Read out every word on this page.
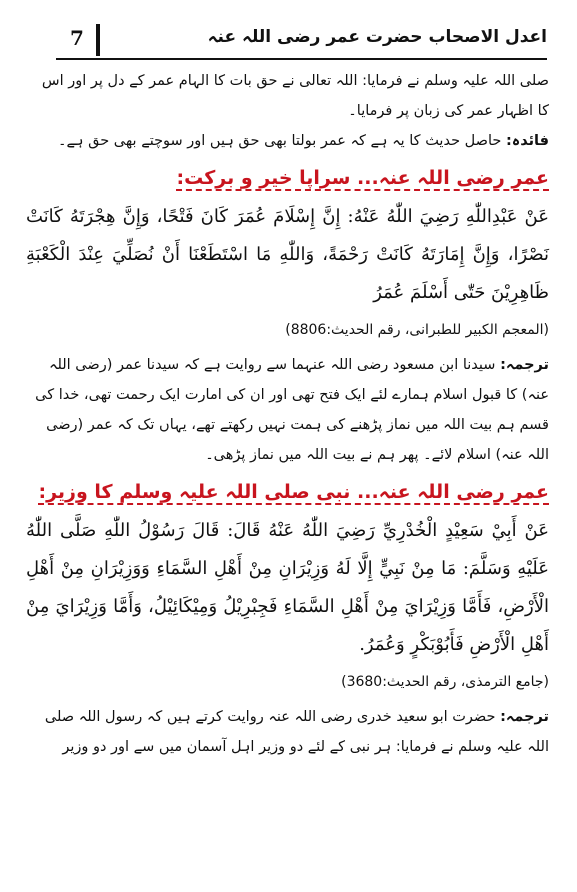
اعدل الاصحاب حضرت عمر رضی اللہ عنہ
7

صلی اللہ علیہ وسلم نے فرمایا: اللہ تعالی نے حق بات کا الہام عمر کے دل پر اور اس کا اظہار عمر کی زبان پر فرمایا۔

فائدہ: حاصل حدیث کا یہ ہے کہ عمر بولتا بھی حق ہیں اور سوچتے بھی حق ہے۔
عمر رضی اللہ عنہ... سراپا خیر و برکت:

عَنْ عَبْدِاللّٰهِ رَضِيَ اللّٰهُ عَنْهُ: إِنَّ إِسْلَامَ عُمَرَ كَانَ فَتْحًا، وَإِنَّ هِجْرَتَهُ كَانَتْ نَصْرًا، وَإِنَّ إِمَارَتَهُ كَانَتْ رَحْمَةً، وَاللّٰهِ مَا اسْتَطَعْنَا أَنْ نُصَلِّيَ عِنْدَ الْكَعْبَةِ ظَاهِرِيْنَ حَتّٰى أَسْلَمَ عُمَرُ

(المعجم الکبیر للطبرانی، رقم الحدیث:8806)
ترجمہ: سیدنا ابن مسعود رضی اللہ عنہما سے روایت ہے کہ سیدنا عمر (رضی اللہ عنہ) کا قبول اسلام ہمارے لئے ایک فتح تھی اور ان کی امارت ایک رحمت تھی، خدا کی قسم ہم بیت اللہ میں نماز پڑھنے کی ہمت نہیں رکھتے تھے، یہاں تک کہ عمر (رضی اللہ عنہ) اسلام لائے۔ پھر ہم نے بیت اللہ میں نماز پڑھی۔
عمر رضی اللہ عنہ... نبی صلی اللہ علیہ وسلم کا وزیر:

عَنْ أَبِيْ سَعِيْدٍ الْخُدْرِيِّ رَضِيَ اللّٰهُ عَنْهُ قَالَ: قَالَ رَسُوْلُ اللّٰهِ صَلَّى اللّٰهُ عَلَيْهِ وَسَلَّمَ: مَا مِنْ نَبِيٍّ إِلَّا لَهُ وَزِيْرَانِ مِنْ أَهْلِ السَّمَاءِ وَوَزِيْرَانِ مِنْ أَهْلِ الْأَرْضِ، فَأَمَّا وَزِيْرَايَ مِنْ أَهْلِ السَّمَاءِ فَجِبْرِيْلُ وَمِيْكَائِيْلُ، وَأَمَّا وَزِيْرَايَ مِنْ أَهْلِ الْأَرْضِ فَأَبُوْبَكْرٍ وَعُمَرُ.

(جامع الترمذی، رقم الحدیث:3680)
ترجمہ: حضرت ابو سعید خدری رضی اللہ عنہ روایت کرتے ہیں کہ رسول اللہ صلی اللہ علیہ وسلم نے فرمایا: ہر نبی کے لئے دو وزیر اہل آسمان میں سے اور دو وزیر
